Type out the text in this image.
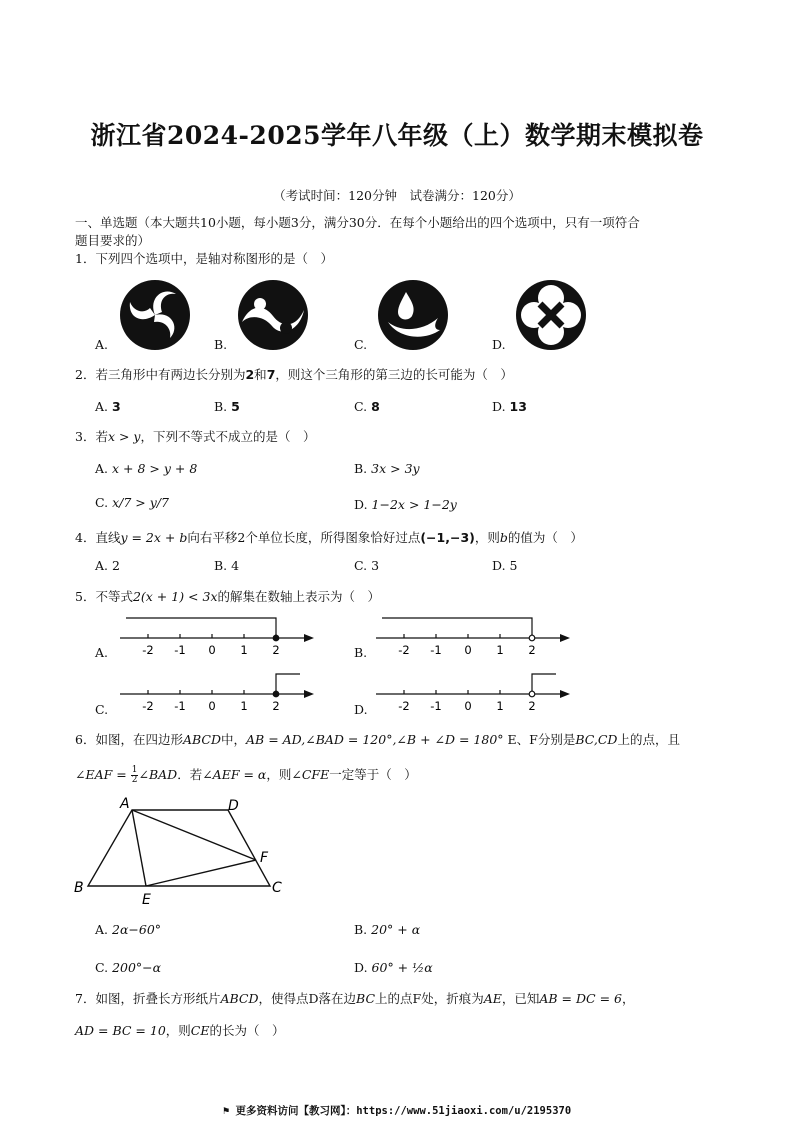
浙江省2024-2025学年八年级（上）数学期末模拟卷
（考试时间：120分钟　试卷满分：120分）
一、单选题（本大题共10小题，每小题3分，满分30分．在每个小题给出的四个选项中，只有一项符合
题目要求的）
1．下列四个选项中，是轴对称图形的是（　）
A.	B.	C.	D.
2．若三角形中有两边长分别为2和7，则这个三角形的第三边的长可能为（　）
A. 3	B. 5	C. 8	D. 13
3．若x > y，下列不等式不成立的是（　）
A. x + 8 > y + 8	B. 3x > 3y
C. x/7 > y/7	D. 1−2x > 1−2y
4．直线y = 2x + b向右平移2个单位长度，所得图象恰好过点(−1,−3)，则b的值为（　）
A. 2	B. 4	C. 3	D. 5
5．不等式2(x + 1) < 3x的解集在数轴上表示为（　）
A.	-2 -1 0 1 2	B.	-2 -1 0 1 2
C.	-2 -1 0 1 2	D.	-2 -1 0 1 2
6．如图，在四边形ABCD中，AB = AD,∠BAD = 120°,∠B + ∠D = 180° E、F分别是BC,CD上的点，且
∠EAF = $\frac{1}{2}$ ∠BAD．若∠AEF = α，则∠CFE一定等于（　）
A	D
B	C
E
F
A. 2α−60°	B. 20° + α
C. 200°−α	D. 60° + ½α
7．如图，折叠长方形纸片ABCD，使得点D落在边BC上的点F处，折痕为AE，已知AB = DC = 6，
AD = BC = 10，则CE的长为（　）
⚑ 更多资料访问【教习网】：https://www.51jiaoxi.com/u/2195370
